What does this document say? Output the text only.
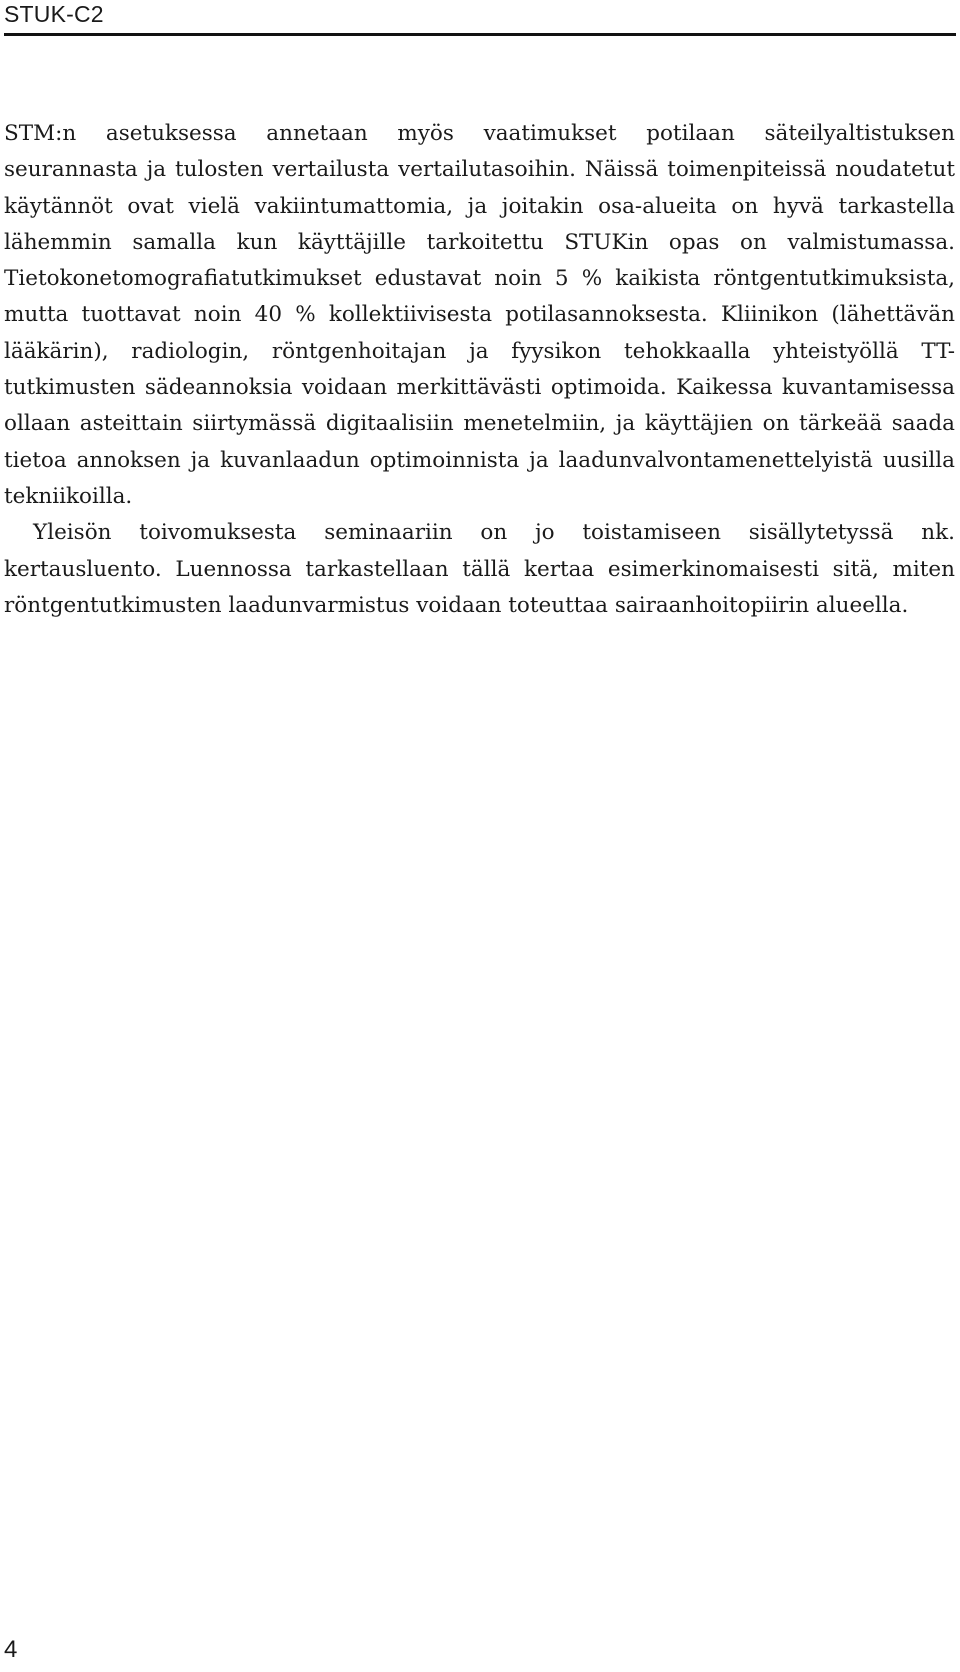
STUK-C2

STM:n asetuksessa annetaan myös vaatimukset potilaan säteilyaltistuksen seurannasta ja tulosten vertailusta vertailutasoihin. Näissä toimenpiteissä noudatetut käytännöt ovat vielä vakiintumattomia, ja joitakin osa-alueita on hyvä tarkastella lähemmin samalla kun käyttäjille tarkoitettu STUKin opas on valmistumassa. Tietokonetomografiatutkimukset edustavat noin 5 % kaikista röntgentutkimuksista, mutta tuottavat noin 40 % kollektiivisesta potilasannoksesta. Kliinikon (lähettävän lääkärin), radiologin, röntgenhoitajan ja fyysikon tehokkaalla yhteistyöllä TT-tutkimusten sädeannoksia voidaan merkittävästi optimoida. Kaikessa kuvantamisessa ollaan asteittain siirtymässä digitaalisiin menetelmiin, ja käyttäjien on tärkeää saada tietoa annoksen ja kuvanlaadun optimoinnista ja laadunvalvontamenettelyistä uusilla tekniikoilla.

Yleisön toivomuksesta seminaariin on jo toistamiseen sisällytetyssä nk. kertausluento. Luennossa tarkastellaan tällä kertaa esimerkinomaisesti sitä, miten röntgentutkimusten laadunvarmistus voidaan toteuttaa sairaanhoitopiirin alueella.

4
